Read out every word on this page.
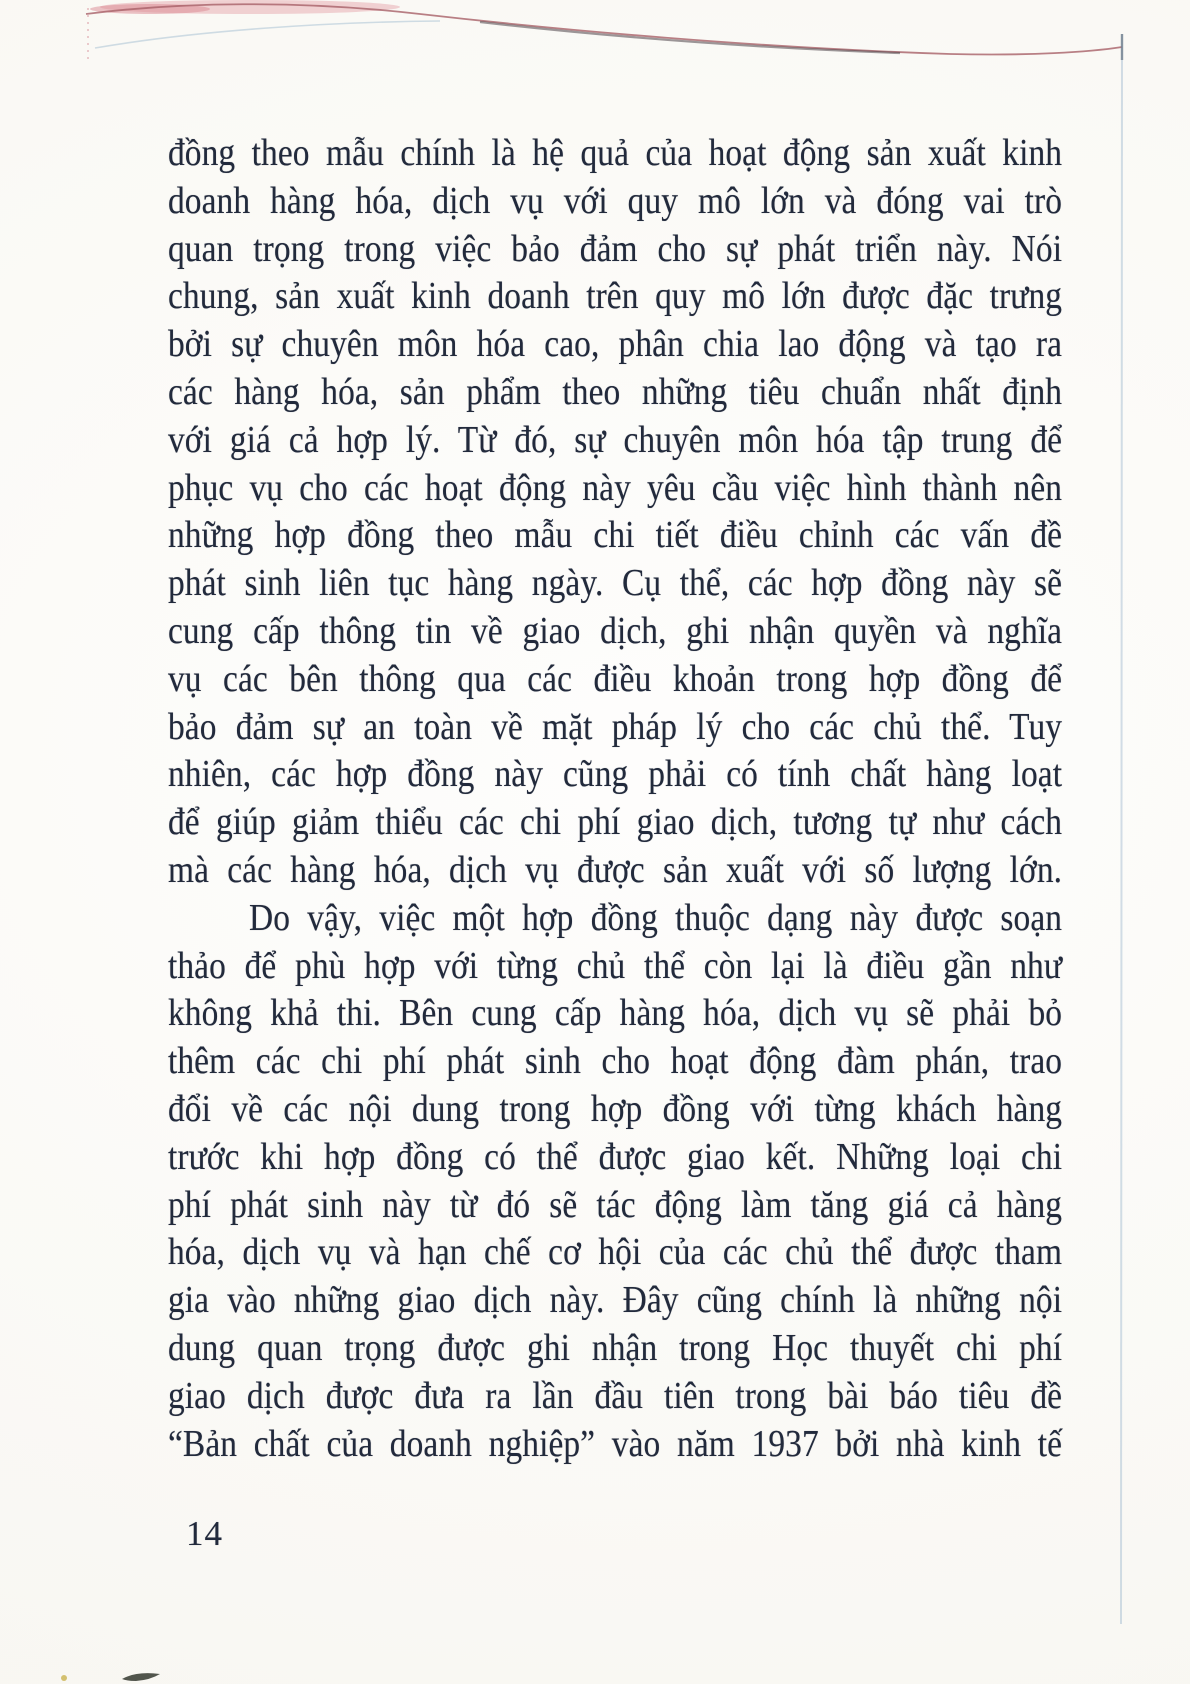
đồng theo mẫu chính là hệ quả của hoạt động sản xuất kinh
doanh hàng hóa, dịch vụ với quy mô lớn và đóng vai trò
quan trọng trong việc bảo đảm cho sự phát triển này. Nói
chung, sản xuất kinh doanh trên quy mô lớn được đặc trưng
bởi sự chuyên môn hóa cao, phân chia lao động và tạo ra
các hàng hóa, sản phẩm theo những tiêu chuẩn nhất định
với giá cả hợp lý. Từ đó, sự chuyên môn hóa tập trung để
phục vụ cho các hoạt động này yêu cầu việc hình thành nên
những hợp đồng theo mẫu chi tiết điều chỉnh các vấn đề
phát sinh liên tục hàng ngày. Cụ thể, các hợp đồng này sẽ
cung cấp thông tin về giao dịch, ghi nhận quyền và nghĩa
vụ các bên thông qua các điều khoản trong hợp đồng để
bảo đảm sự an toàn về mặt pháp lý cho các chủ thể. Tuy
nhiên, các hợp đồng này cũng phải có tính chất hàng loạt
để giúp giảm thiểu các chi phí giao dịch, tương tự như cách
mà các hàng hóa, dịch vụ được sản xuất với số lượng lớn.
Do vậy, việc một hợp đồng thuộc dạng này được soạn
thảo để phù hợp với từng chủ thể còn lại là điều gần như
không khả thi. Bên cung cấp hàng hóa, dịch vụ sẽ phải bỏ
thêm các chi phí phát sinh cho hoạt động đàm phán, trao
đổi về các nội dung trong hợp đồng với từng khách hàng
trước khi hợp đồng có thể được giao kết. Những loại chi
phí phát sinh này từ đó sẽ tác động làm tăng giá cả hàng
hóa, dịch vụ và hạn chế cơ hội của các chủ thể được tham
gia vào những giao dịch này. Đây cũng chính là những nội
dung quan trọng được ghi nhận trong Học thuyết chi phí
giao dịch được đưa ra lần đầu tiên trong bài báo tiêu đề
“Bản chất của doanh nghiệp” vào năm 1937 bởi nhà kinh tế
14
